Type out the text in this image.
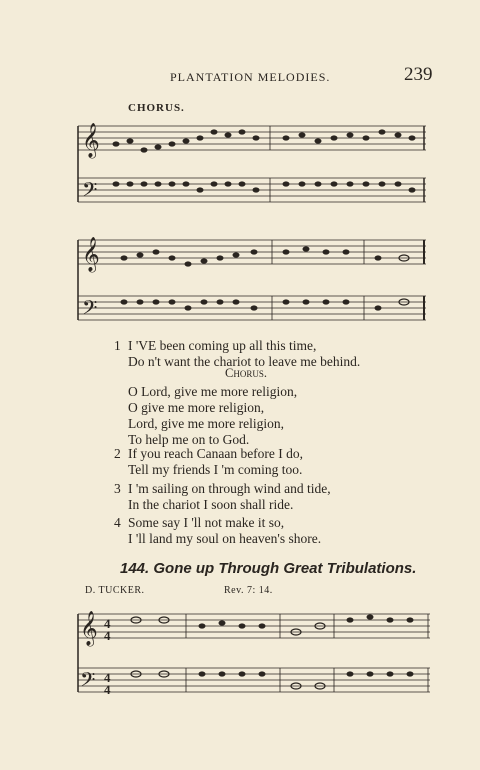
PLANTATION MELODIES.	239
CHORUS.
𝄞
𝄢
𝄞
𝄢
1 I 'VE been coming up all this time,
Do n't want the chariot to leave me behind.
Chorus.
O Lord, give me more religion,
O give me more religion,
Lord, give me more religion,
To help me on to God.
2 If you reach Canaan before I do,
Tell my friends I 'm coming too.
3 I 'm sailing on through wind and tide,
In the chariot I soon shall ride.
4 Some say I 'll not make it so,
I 'll land my soul on heaven's shore.
144. Gone up Through Great Tribulations.
D. TUCKER.	Rev. 7: 14.
𝄞
𝄢
4
4
4
4
